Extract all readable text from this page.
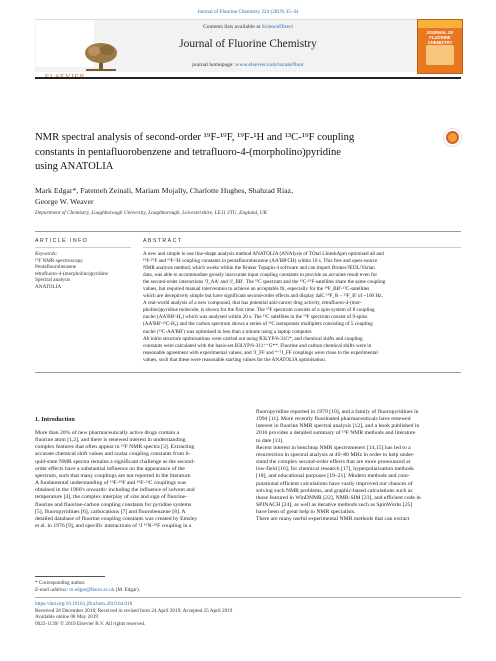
Journal of Fluorine Chemistry 224 (2019) 35–44
Contents lists available at ScienceDirect
Journal of Fluorine Chemistry
journal homepage: www.elsevier.com/locate/fluor
JOURNAL OF FLUORINE CHEMISTRY
NMR spectral analysis of second-order ¹⁹F-¹⁹F, ¹⁹F-¹H and ¹³C-¹⁹F coupling
constants in pentafluorobenzene and tetrafluoro-4-(morpholino)pyridine
using ANATOLIA
Mark Edgar*, Fatemeh Zeinali, Mariam Mojally, Charlotte Hughes, Shahzad Riaz,
George W. Weaver
Department of Chemistry, Loughborough University, Loughborough, Leicestershire, LE11 3TU, England, UK
ARTICLE INFO
Keywords:
¹⁹F NMR spectroscopy
Pentafluorobenzene
tetrafluoro-4-(morpholino)pyridine
Spectral analysis
ANATOLIA
ABSTRACT
A new and simple to use line-shape analysis method ANATOLIA (ANAlysis of TOtal LIneshApe) optimised all and
¹⁹F-¹⁹F and ¹⁹F-¹H coupling constants in pentafluorobenzene (AA'BB'CH) within 10 s. This free and open-source
NMR analysis method, which works within the Bruker Topspin-4 software and can import Bruker/JEOL/Varian
data, was able to accommodate grossly inaccurate input coupling constants to provide an accurate result even for
the second-order interactions ³J_AA' and ³J_BB'. The ¹³C spectrum and the ¹³C-¹⁹F-satellites share the same coupling
values, but required manual intervention to achieve an acceptable fit, especially for the ¹⁹F_BB'-¹³C-satellites
which are deceptively simple but have significant second-order effects and display ΔδC ¹⁹F_B – ¹²F_B' of ~100 Hz.
A real-world analysis of a new compound, that has potential anti-cancer drug activity, tetrafluoro-4-(mor-
pholino)pyridine molecule, is shown for the first time. The ¹⁹F spectrum consists of a spin-system of 8 coupling
nuclei (AA'BB'-H₄) which was analysed within 20 s. The ¹³C satellites in the ¹⁹F spectrum consist of 9-spins
(AA'BB'-¹³C-H₄) and the carbon spectrum shows a series of ¹³C isotopomer multiplets consisting of 5 coupling
nuclei (¹³C-AA'BB') was optimised in less than a minute using a laptop computer.
Ab initio structure optimisations were carried out using B3LYP/6-31G*, and chemical shifts and coupling
constants were calculated with the basis-set B3LYP/6-311⁺⁺G**. Fluorine and carbon chemical shifts were in
reasonable agreement with experimental values, and ³J_FF and ⁴⁻⁵J_FF couplings were close to the experimental
values, such that these were reasonable starting values for the ANATOLIA optimisation.
1. Introduction
More than 20% of new pharmaceutically active drugs contain a
fluorine atom [1,2], and there is renewed interest in understanding
complex features that often appear in ¹⁹F NMR spectra [3]. Extracting
accurate chemical shift values and scalar coupling constants from li-
quid-state NMR spectra remains a significant challenge as the second-
order effects have a substantial influence on the appearance of the
spectrum, such that many couplings are not reported in the literature.
A fundamental understanding of ¹⁹F-¹⁹F and ¹⁹F-¹³C couplings was
obtained in the 1960's onwards: including the influence of solvent and
temperature [4], the complex interplay of size and sign of fluorine-
fluorine and fluorine-carbon coupling constants for pyridine systems
[5], fluoropyridines [6], carbocations [7] and fluorobenzene [8]. A
detailed database of fluorine coupling constants was created by Emsley
et al. in 1976 [9], and specific interactions of ²J ¹⁵N-¹⁹F coupling in a
fluoropyridine reported in 1979 [10], and a family of fluoropyridines in
1994 [11]. More recently fluorinated pharmaceuticals have renewed
interest in fluorine NMR spectral analysis [12], and a book published in
2016 provides a detailed summary of ¹⁹F NMR methods and literature
to date [13].
Recent interest in benchtop NMR spectrometers [14,15] has led to a
resurrection in spectral analysis at 40–80 MHz in order to help under-
stand the complex second-order effects that are more pronounced at
low-field [16], for chemical research [17], hyperpolarisation methods
[18], and educational purposes [19–21]. Modern methods and com-
putational efficient calculations have vastly improved our chances of
solving such NMR problems, and graphic-based calculations such as
those featured in WinDNMR [22], NMR-SIM [23], and efficient code in
SPINACH [24], as well as iterative methods such as SpinWorks [25]
have been of great help to NMR specialists.
There are many useful experimental NMR methods that can extract
* Corresponding author.
E-mail address: m.edgar@lboro.ac.uk (M. Edgar).
https://doi.org/10.1016/j.jfluchem.2019.04.018
Received 28 December 2018; Received in revised form 24 April 2019; Accepted 25 April 2019
Available online 08 May 2019
0022-1139/ © 2019 Elsevier B.V. All rights reserved.
